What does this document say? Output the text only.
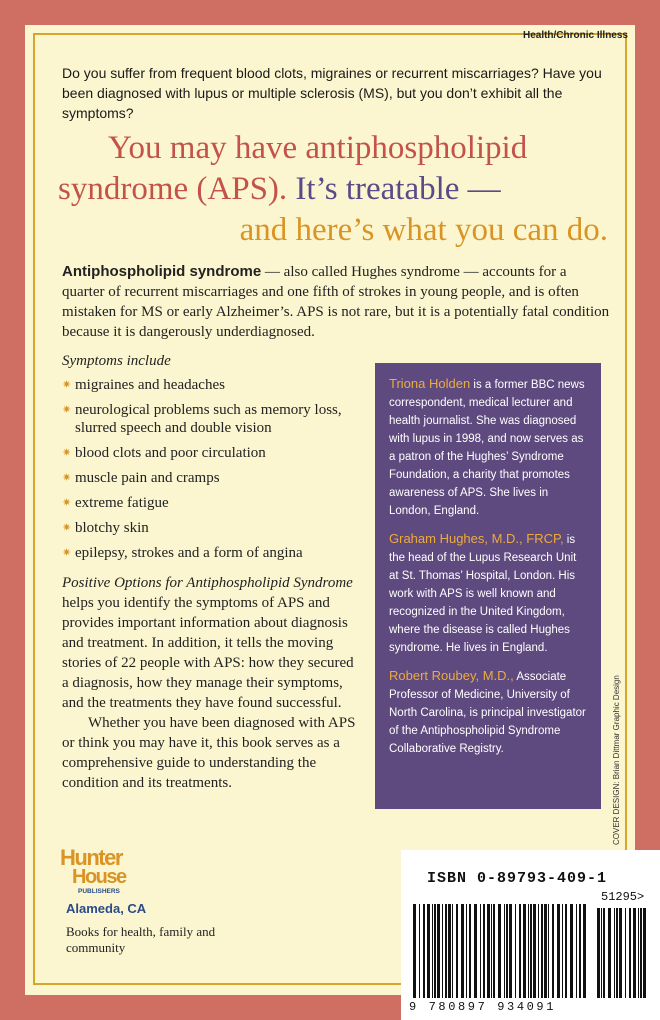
Health/Chronic Illness
Do you suffer from frequent blood clots, migraines or recurrent miscarriages? Have you been diagnosed with lupus or multiple sclerosis (MS), but you don’t exhibit all the symptoms?
You may have antiphospholipid
syndrome (APS). It’s treatable —
and here’s what you can do.
Antiphospholipid syndrome — also called Hughes syndrome — accounts for a quarter of recurrent miscarriages and one fifth of strokes in young people, and is often mistaken for MS or early Alzheimer’s. APS is not rare, but it is a potentially fatal condition because it is dangerously underdiagnosed.
Symptoms include
✷ migraines and headaches
✷ neurological problems such as memory loss, slurred speech and double vision
✷ blood clots and poor circulation
✷ muscle pain and cramps
✷ extreme fatigue
✷ blotchy skin
✷ epilepsy, strokes and a form of angina

Positive Options for Antiphospholipid Syndrome helps you identify the symptoms of APS and provides important information about diagnosis and treatment. In addition, it tells the moving stories of 22 people with APS: how they secured a diagnosis, how they manage their symptoms, and the treatments they have found successful.

Whether you have been diagnosed with APS or think you may have it, this book serves as a comprehensive guide to understanding the condition and its treatments.

Triona Holden is a former BBC news correspondent, medical lecturer and health journalist. She was diagnosed with lupus in 1998, and now serves as a patron of the Hughes’ Syndrome Foundation, a charity that promotes awareness of APS. She lives in London, England.

Graham Hughes, M.D., FRCP, is the head of the Lupus Research Unit at St. Thomas’ Hospital, London. His work with APS is well known and recognized in the United Kingdom, where the disease is called Hughes syndrome. He lives in England.

Robert Roubey, M.D., Associate Professor of Medicine, University of North Carolina, is principal investigator of the Antiphospholipid Syndrome Collaborative Registry.	COVER DESIGN: Brian Dittmar Graphic Design
Hunter
House
PUBLISHERS
Alameda, CA
Books for health, family and community
ISBN 0-89793-409-1
51295>
9 780897 934091
